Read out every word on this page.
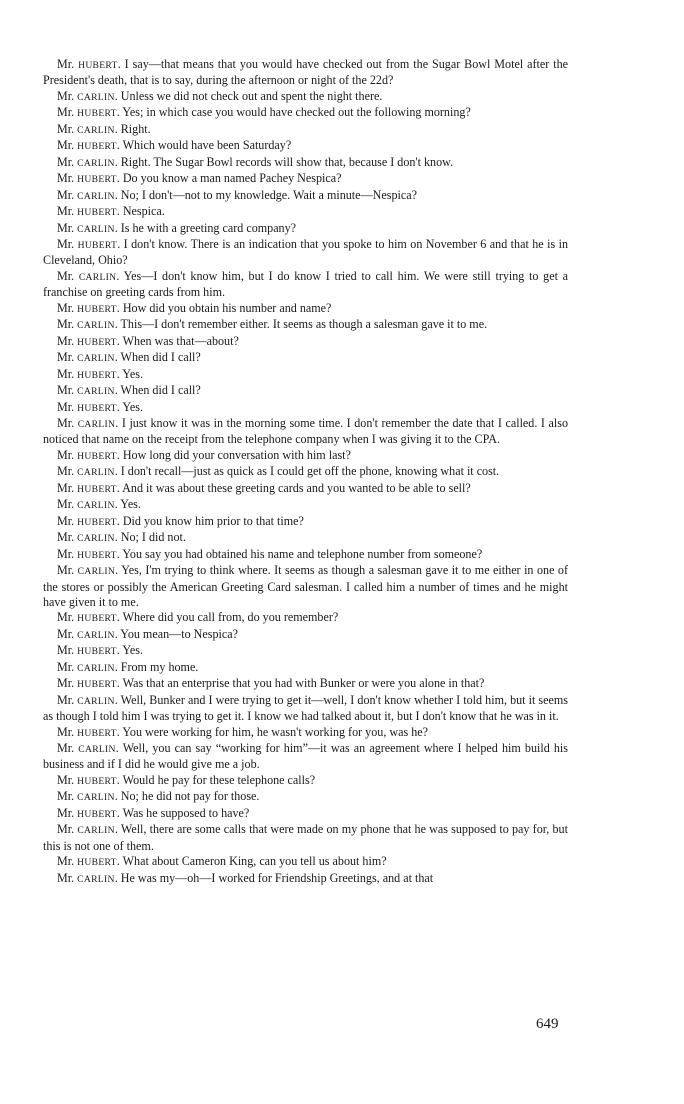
Mr. HUBERT. I say—that means that you would have checked out from the Sugar Bowl Motel after the President's death, that is to say, during the afternoon or night of the 22d?

Mr. CARLIN. Unless we did not check out and spent the night there.

Mr. HUBERT. Yes; in which case you would have checked out the following morning?

Mr. CARLIN. Right.

Mr. HUBERT. Which would have been Saturday?

Mr. CARLIN. Right. The Sugar Bowl records will show that, because I don't know.

Mr. HUBERT. Do you know a man named Pachey Nespica?

Mr. CARLIN. No; I don't—not to my knowledge. Wait a minute—Nespica?

Mr. HUBERT. Nespica.

Mr. CARLIN. Is he with a greeting card company?

Mr. HUBERT. I don't know. There is an indication that you spoke to him on November 6 and that he is in Cleveland, Ohio?

Mr. CARLIN. Yes—I don't know him, but I do know I tried to call him. We were still trying to get a franchise on greeting cards from him.

Mr. HUBERT. How did you obtain his number and name?

Mr. CARLIN. This—I don't remember either. It seems as though a salesman gave it to me.

Mr. HUBERT. When was that—about?

Mr. CARLIN. When did I call?

Mr. HUBERT. Yes.

Mr. CARLIN. When did I call?

Mr. HUBERT. Yes.

Mr. CARLIN. I just know it was in the morning some time. I don't remember the date that I called. I also noticed that name on the receipt from the telephone company when I was giving it to the CPA.

Mr. HUBERT. How long did your conversation with him last?

Mr. CARLIN. I don't recall—just as quick as I could get off the phone, knowing what it cost.

Mr. HUBERT. And it was about these greeting cards and you wanted to be able to sell?

Mr. CARLIN. Yes.

Mr. HUBERT. Did you know him prior to that time?

Mr. CARLIN. No; I did not.

Mr. HUBERT. You say you had obtained his name and telephone number from someone?

Mr. CARLIN. Yes, I'm trying to think where. It seems as though a salesman gave it to me either in one of the stores or possibly the American Greeting Card salesman. I called him a number of times and he might have given it to me.

Mr. HUBERT. Where did you call from, do you remember?

Mr. CARLIN. You mean—to Nespica?

Mr. HUBERT. Yes.

Mr. CARLIN. From my home.

Mr. HUBERT. Was that an enterprise that you had with Bunker or were you alone in that?

Mr. CARLIN. Well, Bunker and I were trying to get it—well, I don't know whether I told him, but it seems as though I told him I was trying to get it. I know we had talked about it, but I don't know that he was in it.

Mr. HUBERT. You were working for him, he wasn't working for you, was he?

Mr. CARLIN. Well, you can say “working for him”—it was an agreement where I helped him build his business and if I did he would give me a job.

Mr. HUBERT. Would he pay for these telephone calls?

Mr. CARLIN. No; he did not pay for those.

Mr. HUBERT. Was he supposed to have?

Mr. CARLIN. Well, there are some calls that were made on my phone that he was supposed to pay for, but this is not one of them.

Mr. HUBERT. What about Cameron King, can you tell us about him?

Mr. CARLIN. He was my—oh—I worked for Friendship Greetings, and at that

649
